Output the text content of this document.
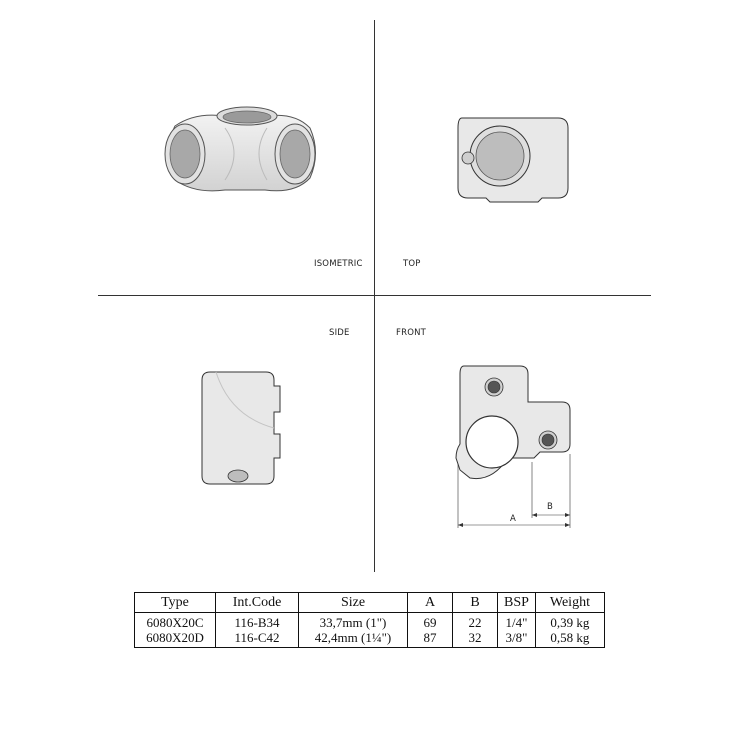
ISOMETRIC	TOP
SIDE	FRONT
B
A
Type	Int.Code	Size	A	B	BSP	Weight
6080X20C	116-B34	33,7mm (1")	69	22	1/4"	0,39 kg
6080X20D	116-C42	42,4mm (1¼")	87	32	3/8"	0,58 kg
